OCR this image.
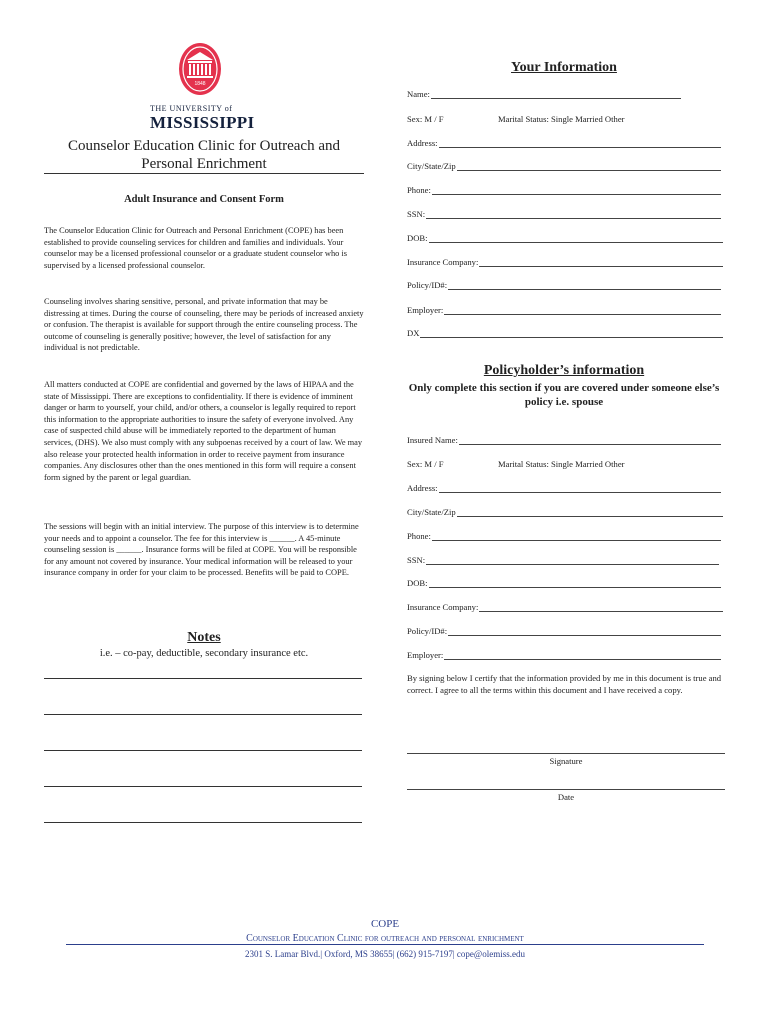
1848
THE UNIVERSITY of
MISSISSIPPI
Counselor Education Clinic for Outreach and Personal Enrichment
Adult Insurance and Consent Form
The Counselor Education Clinic for Outreach and Personal Enrichment (COPE) has been established to provide counseling services for children and families and individuals. Your counselor may be a licensed professional counselor or a graduate student counselor who is supervised by a licensed professional counselor.
Counseling involves sharing sensitive, personal, and private information that may be distressing at times. During the course of counseling, there may be periods of increased anxiety or confusion. The therapist is available for support through the entire counseling process. The outcome of counseling is generally positive; however, the level of satisfaction for any individual is not predictable.
All matters conducted at COPE are confidential and governed by the laws of HIPAA and the state of Mississippi. There are exceptions to confidentiality. If there is evidence of imminent danger or harm to yourself, your child, and/or others, a counselor is legally required to report this information to the appropriate authorities to insure the safety of everyone involved. Any case of suspected child abuse will be immediately reported to the department of human services, (DHS). We also must comply with any subpoenas received by a court of law. We may also release your protected health information in order to receive payment from insurance companies. Any disclosures other than the ones mentioned in this form will require a consent form signed by the parent or legal guardian.
The sessions will begin with an initial interview. The purpose of this interview is to determine your needs and to appoint a counselor. The fee for this interview is ______. A 45-minute counseling session is ______. Insurance forms will be filed at COPE. You will be responsible for any amount not covered by insurance. Your medical information will be released to your insurance company in order for your claim to be processed. Benefits will be paid to COPE.
Notes
i.e. – co-pay, deductible, secondary insurance etc.
Your Information
Name:
Sex: M / F	Marital Status: Single Married Other
Address:
City/State/Zip
Phone:
SSN:
DOB:
Insurance Company:
Policy/ID#:
Employer:
DX
Policyholder’s information
Only complete this section if you are covered under someone else’s policy i.e. spouse
Insured Name:
Sex: M / F	Marital Status: Single Married Other
Address:
City/State/Zip
Phone:
SSN:
DOB:
Insurance Company:
Policy/ID#:
Employer:
By signing below I certify that the information provided by me in this document is true and correct. I agree to all the terms within this document and I have received a copy.
Signature
Date
COPE
Counselor Education Clinic for outreach and personal enrichment
2301 S. Lamar Blvd.| Oxford, MS 38655| (662) 915-7197| cope@olemiss.edu
